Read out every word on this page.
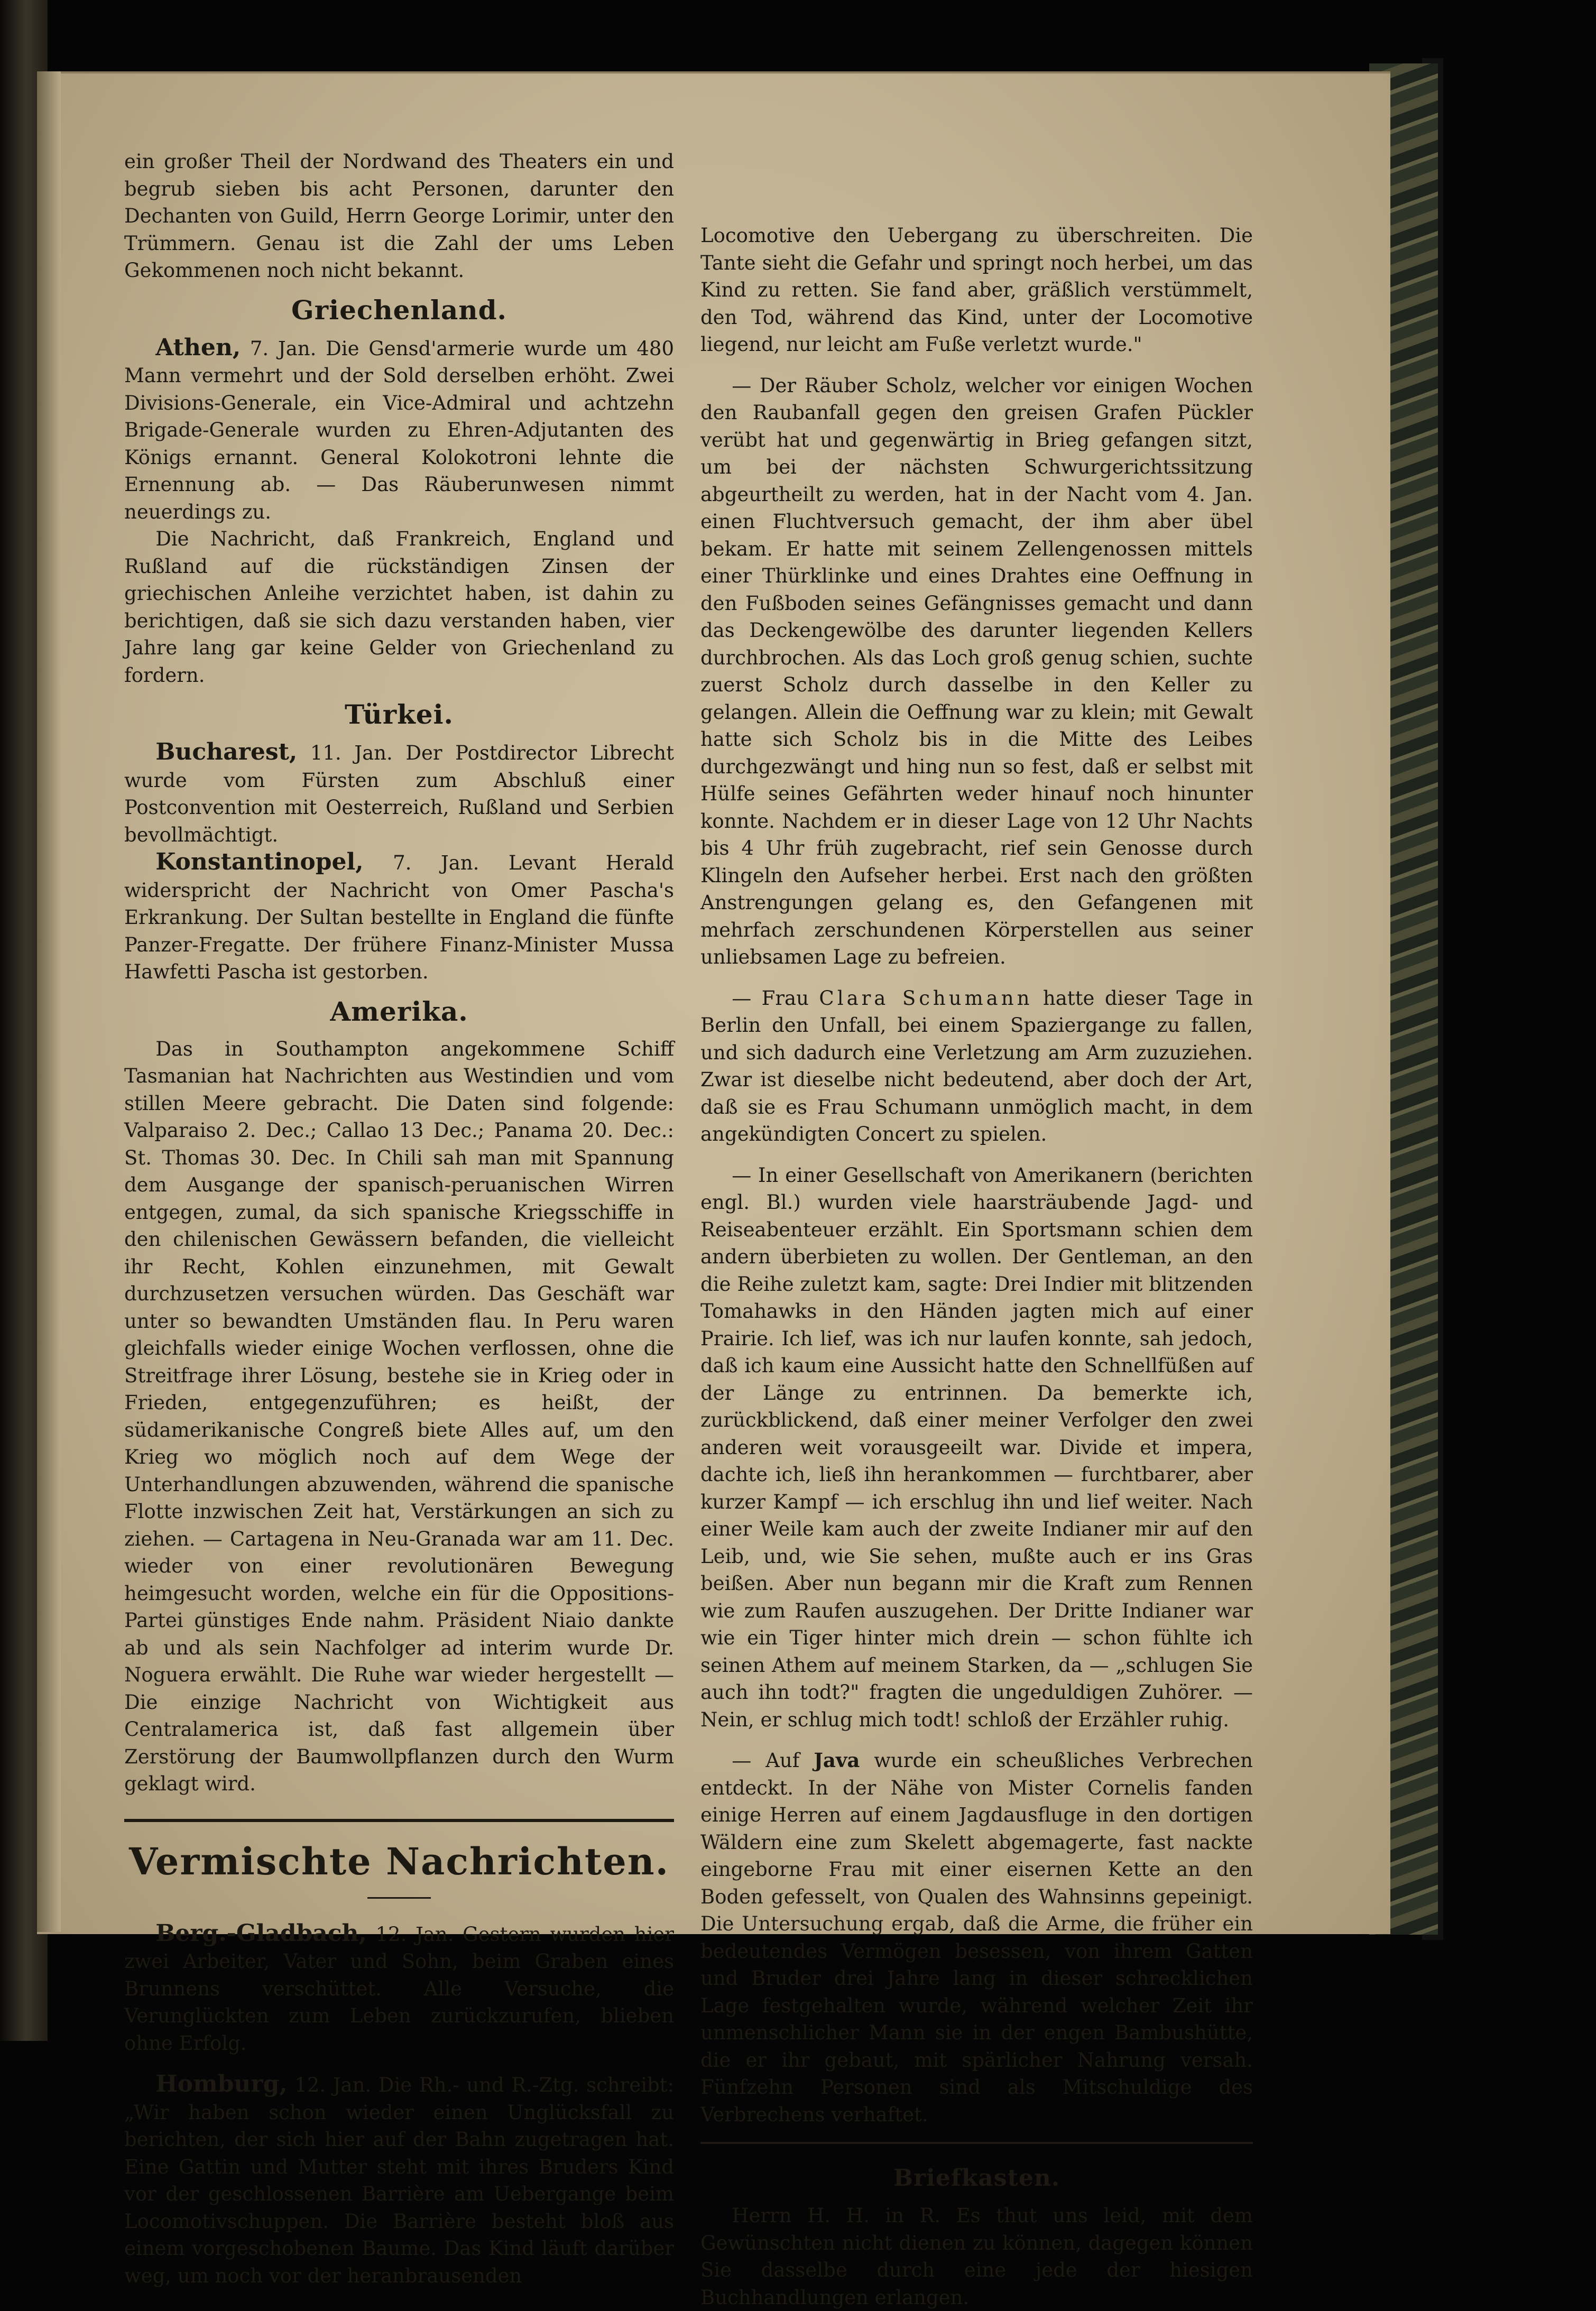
ein großer Theil der Nordwand des Theaters ein und begrub sieben bis acht Personen, darunter den Dechanten von Guild, Herrn George Lorimir, unter den Trümmern. Genau ist die Zahl der ums Leben Gekommenen noch nicht bekannt.

Griechenland.

Athen, 7. Jan. Die Gensd'armerie wurde um 480 Mann vermehrt und der Sold derselben erhöht. Zwei Divisions-Generale, ein Vice-Admiral und achtzehn Brigade-Generale wurden zu Ehren-Adjutanten des Königs ernannt. General Kolokotroni lehnte die Ernennung ab. — Das Räuberunwesen nimmt neuerdings zu.

Die Nachricht, daß Frankreich, England und Rußland auf die rückständigen Zinsen der griechischen Anleihe verzichtet haben, ist dahin zu berichtigen, daß sie sich dazu verstanden haben, vier Jahre lang gar keine Gelder von Griechenland zu fordern.

Türkei.

Bucharest, 11. Jan. Der Postdirector Librecht wurde vom Fürsten zum Abschluß einer Postconvention mit Oesterreich, Rußland und Serbien bevollmächtigt.

Konstantinopel, 7. Jan. Levant Herald widerspricht der Nachricht von Omer Pascha's Erkrankung. Der Sultan bestellte in England die fünfte Panzer-Fregatte. Der frühere Finanz-Minister Mussa Hawfetti Pascha ist gestorben.

Amerika.

Das in Southampton angekommene Schiff Tasmanian hat Nachrichten aus Westindien und vom stillen Meere gebracht. Die Daten sind folgende: Valparaiso 2. Dec.; Callao 13 Dec.; Panama 20. Dec.: St. Thomas 30. Dec. In Chili sah man mit Spannung dem Ausgange der spanisch-peruanischen Wirren entgegen, zumal, da sich spanische Kriegsschiffe in den chilenischen Gewässern befanden, die vielleicht ihr Recht, Kohlen einzunehmen, mit Gewalt durchzusetzen versuchen würden. Das Geschäft war unter so bewandten Umständen flau. In Peru waren gleichfalls wieder einige Wochen verflossen, ohne die Streitfrage ihrer Lösung, bestehe sie in Krieg oder in Frieden, entgegenzuführen; es heißt, der südamerikanische Congreß biete Alles auf, um den Krieg wo möglich noch auf dem Wege der Unterhandlungen abzuwenden, während die spanische Flotte inzwischen Zeit hat, Verstärkungen an sich zu ziehen. — Cartagena in Neu-Granada war am 11. Dec. wieder von einer revolutionären Bewegung heimgesucht worden, welche ein für die Oppositions-Partei günstiges Ende nahm. Präsident Niaio dankte ab und als sein Nachfolger ad interim wurde Dr. Noguera erwählt. Die Ruhe war wieder hergestellt — Die einzige Nachricht von Wichtigkeit aus Centralamerica ist, daß fast allgemein über Zerstörung der Baumwollpflanzen durch den Wurm geklagt wird.

Vermischte Nachrichten.

Berg.-Gladbach, 12. Jan. Gestern wurden hier zwei Arbeiter, Vater und Sohn, beim Graben eines Brunnens verschüttet. Alle Versuche, die Verunglückten zum Leben zurückzurufen, blieben ohne Erfolg.

Homburg, 12. Jan. Die Rh.- und R.-Ztg. schreibt: „Wir haben schon wieder einen Unglücksfall zu berichten, der sich hier auf der Bahn zugetragen hat. Eine Gattin und Mutter steht mit ihres Bruders Kind vor der geschlossenen Barrière am Uebergange beim Locomotivschuppen. Die Barrière besteht bloß aus einem vorgeschobenen Baume. Das Kind läuft darüber weg, um noch vor der heranbrausenden

Locomotive den Uebergang zu überschreiten. Die Tante sieht die Gefahr und springt noch herbei, um das Kind zu retten. Sie fand aber, gräßlich verstümmelt, den Tod, während das Kind, unter der Locomotive liegend, nur leicht am Fuße verletzt wurde."

— Der Räuber Scholz, welcher vor einigen Wochen den Raubanfall gegen den greisen Grafen Pückler verübt hat und gegenwärtig in Brieg gefangen sitzt, um bei der nächsten Schwurgerichtssitzung abgeurtheilt zu werden, hat in der Nacht vom 4. Jan. einen Fluchtversuch gemacht, der ihm aber übel bekam. Er hatte mit seinem Zellengenossen mittels einer Thürklinke und eines Drahtes eine Oeffnung in den Fußboden seines Gefängnisses gemacht und dann das Deckengewölbe des darunter liegenden Kellers durchbrochen. Als das Loch groß genug schien, suchte zuerst Scholz durch dasselbe in den Keller zu gelangen. Allein die Oeffnung war zu klein; mit Gewalt hatte sich Scholz bis in die Mitte des Leibes durchgezwängt und hing nun so fest, daß er selbst mit Hülfe seines Gefährten weder hinauf noch hinunter konnte. Nachdem er in dieser Lage von 12 Uhr Nachts bis 4 Uhr früh zugebracht, rief sein Genosse durch Klingeln den Aufseher herbei. Erst nach den größten Anstrengungen gelang es, den Gefangenen mit mehrfach zerschundenen Körperstellen aus seiner unliebsamen Lage zu befreien.

— Frau Clara Schumann hatte dieser Tage in Berlin den Unfall, bei einem Spaziergange zu fallen, und sich dadurch eine Verletzung am Arm zuzuziehen. Zwar ist dieselbe nicht bedeutend, aber doch der Art, daß sie es Frau Schumann unmöglich macht, in dem angekündigten Concert zu spielen.

— In einer Gesellschaft von Amerikanern (berichten engl. Bl.) wurden viele haarsträubende Jagd- und Reiseabenteuer erzählt. Ein Sportsmann schien dem andern überbieten zu wollen. Der Gentleman, an den die Reihe zuletzt kam, sagte: Drei Indier mit blitzenden Tomahawks in den Händen jagten mich auf einer Prairie. Ich lief, was ich nur laufen konnte, sah jedoch, daß ich kaum eine Aussicht hatte den Schnellfüßen auf der Länge zu entrinnen. Da bemerkte ich, zurückblickend, daß einer meiner Verfolger den zwei anderen weit vorausgeeilt war. Divide et impera, dachte ich, ließ ihn herankommen — furchtbarer, aber kurzer Kampf — ich erschlug ihn und lief weiter. Nach einer Weile kam auch der zweite Indianer mir auf den Leib, und, wie Sie sehen, mußte auch er ins Gras beißen. Aber nun begann mir die Kraft zum Rennen wie zum Raufen auszugehen. Der Dritte Indianer war wie ein Tiger hinter mich drein — schon fühlte ich seinen Athem auf meinem Starken, da — „schlugen Sie auch ihn todt?" fragten die ungeduldigen Zuhörer. — Nein, er schlug mich todt! schloß der Erzähler ruhig.

— Auf Java wurde ein scheußliches Verbrechen entdeckt. In der Nähe von Mister Cornelis fanden einige Herren auf einem Jagdausfluge in den dortigen Wäldern eine zum Skelett abgemagerte, fast nackte eingeborne Frau mit einer eisernen Kette an den Boden gefesselt, von Qualen des Wahnsinns gepeinigt. Die Untersuchung ergab, daß die Arme, die früher ein bedeutendes Vermögen besessen, von ihrem Gatten und Bruder drei Jahre lang in dieser schrecklichen Lage festgehalten wurde, während welcher Zeit ihr unmenschlicher Mann sie in der engen Bambushütte, die er ihr gebaut, mit spärlicher Nahrung versah. Fünfzehn Personen sind als Mitschuldige des Verbrechens verhaftet.

Briefkasten.

Herrn H. H. in R. Es thut uns leid, mit dem Gewünschten nicht dienen zu können, dagegen können Sie dasselbe durch eine jede der hiesigen Buchhandlungen erlangen.
